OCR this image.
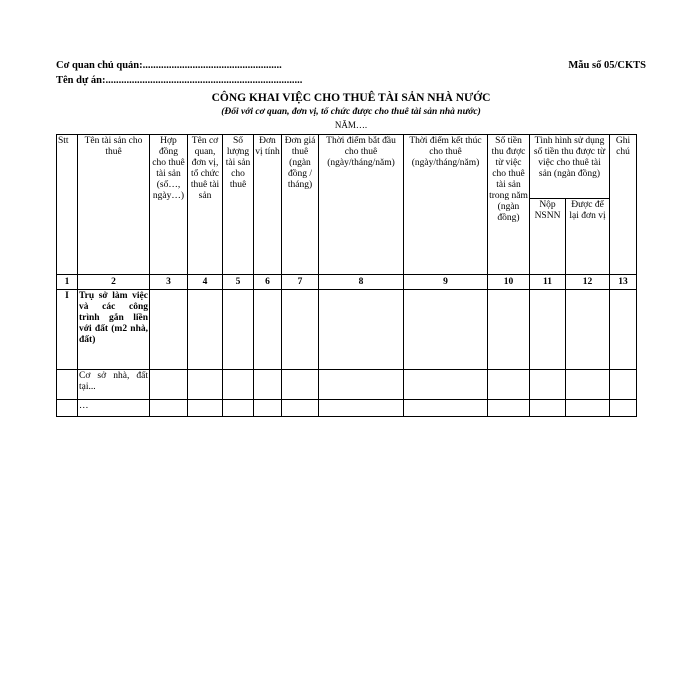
Cơ quan chủ quản:.....................................................	Mẫu số 05/CKTS
Tên dự án:...........................................................................
CÔNG KHAI VIỆC CHO THUÊ TÀI SẢN NHÀ NƯỚC
(Đối với cơ quan, đơn vị, tổ chức được cho thuê tài sản nhà nước)
NĂM….
Stt	Tên tài sản cho thuê	Hợp đồng cho thuê tài sản (số…, ngày…)	Tên cơ quan, đơn vị, tổ chức thuê tài sản	Số lượng tài sản cho thuê	Đơn vị tính	Đơn giá thuê (ngàn đồng / tháng)	Thời điểm bắt đầu cho thuê (ngày/tháng/năm)	Thời điểm kết thúc cho thuê (ngày/tháng/năm)	Số tiền thu được từ việc cho thuê tài sản trong năm (ngàn đồng)	Tình hình sử dụng số tiền thu được từ việc cho thuê tài sản (ngàn đồng)		Ghi chú
										Nộp NSNN	Được để lại đơn vị	
1	2	3	4	5	6	7	8	9	10	11	12	13
I	Trụ sở làm việc và các công trình gắn liền với đất (m2 nhà, đất)											
	Cơ sở nhà, đất tại...											
	…											
